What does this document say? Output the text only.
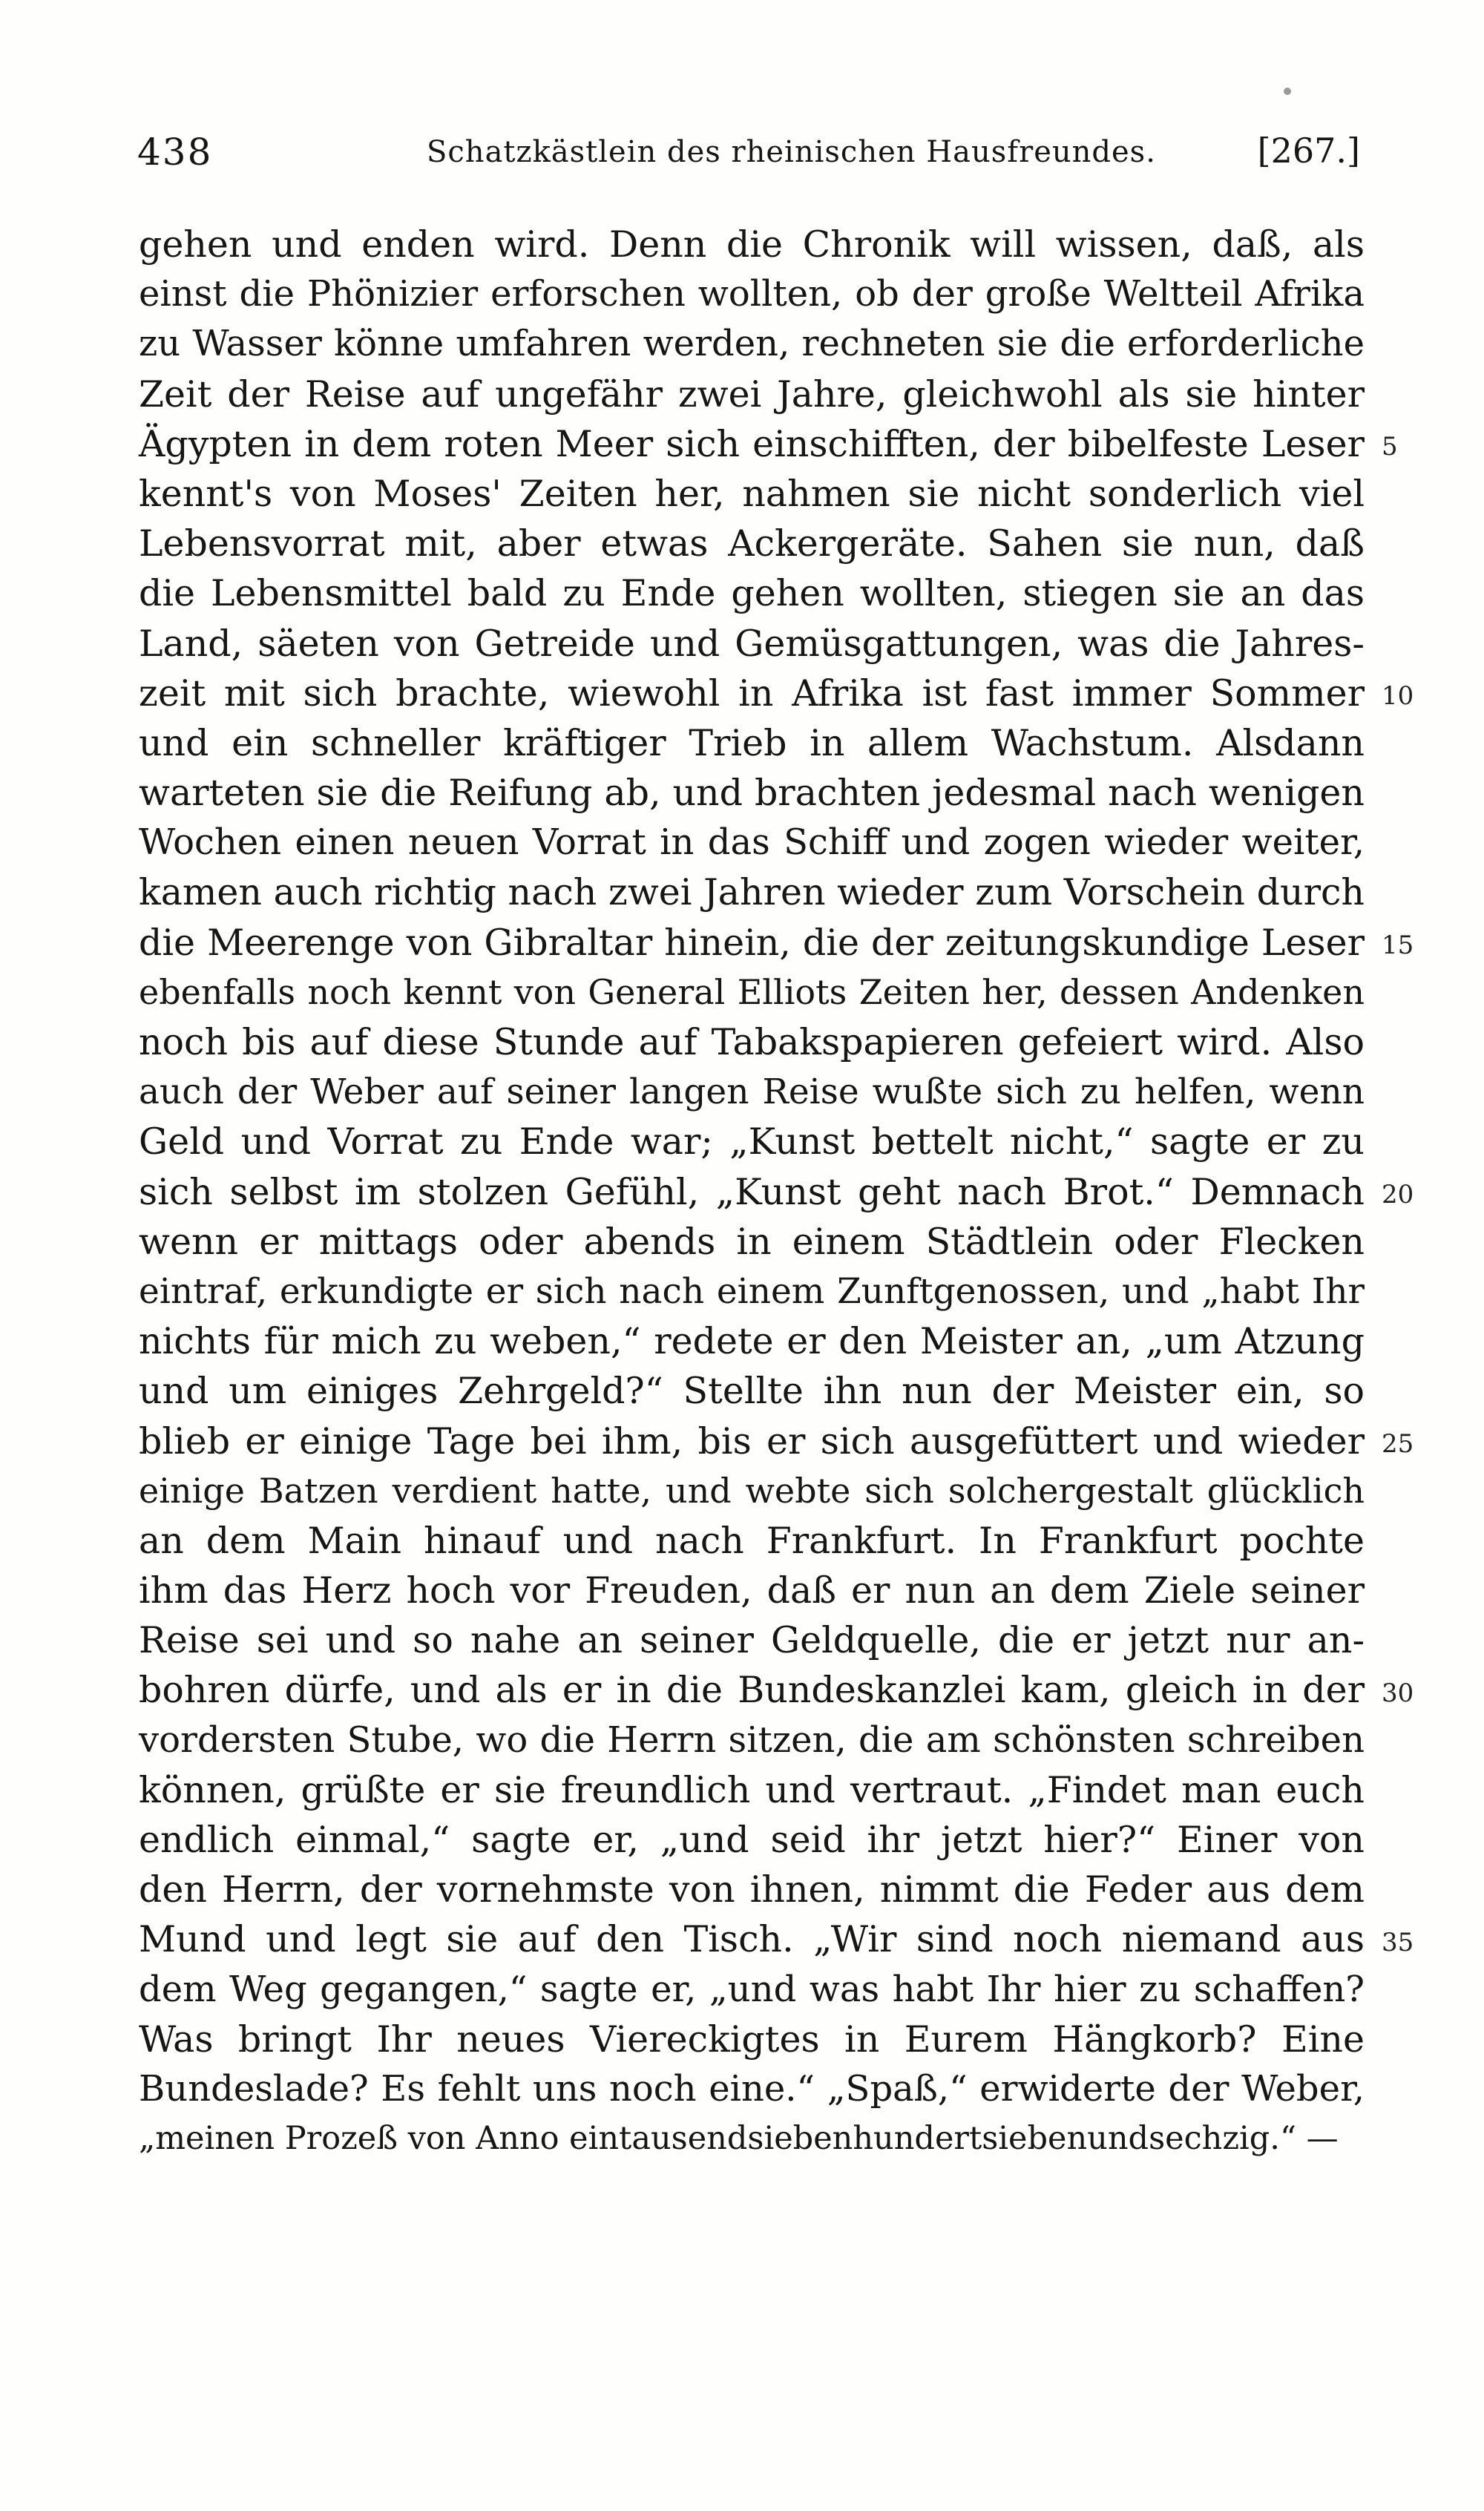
438	Schatzkästlein des rheinischen Hausfreundes.	[267.]
gehen und enden wird. Denn die Chronik will wissen, daß, als
einst die Phönizier erforschen wollten, ob der große Weltteil Afrika
zu Wasser könne umfahren werden, rechneten sie die erforderliche
Zeit der Reise auf ungefähr zwei Jahre, gleichwohl als sie hinter
Ägypten in dem roten Meer sich einschifften, der bibelfeste Leser
kennt's von Moses' Zeiten her, nahmen sie nicht sonderlich viel
Lebensvorrat mit, aber etwas Ackergeräte. Sahen sie nun, daß
die Lebensmittel bald zu Ende gehen wollten, stiegen sie an das
Land, säeten von Getreide und Gemüsgattungen, was die Jahres-
zeit mit sich brachte, wiewohl in Afrika ist fast immer Sommer
und ein schneller kräftiger Trieb in allem Wachstum. Alsdann
warteten sie die Reifung ab, und brachten jedesmal nach wenigen
Wochen einen neuen Vorrat in das Schiff und zogen wieder weiter,
kamen auch richtig nach zwei Jahren wieder zum Vorschein durch
die Meerenge von Gibraltar hinein, die der zeitungskundige Leser
ebenfalls noch kennt von General Elliots Zeiten her, dessen Andenken
noch bis auf diese Stunde auf Tabakspapieren gefeiert wird. Also
auch der Weber auf seiner langen Reise wußte sich zu helfen, wenn
Geld und Vorrat zu Ende war; „Kunst bettelt nicht,“ sagte er zu
sich selbst im stolzen Gefühl, „Kunst geht nach Brot.“ Demnach
wenn er mittags oder abends in einem Städtlein oder Flecken
eintraf, erkundigte er sich nach einem Zunftgenossen, und „habt Ihr
nichts für mich zu weben,“ redete er den Meister an, „um Atzung
und um einiges Zehrgeld?“ Stellte ihn nun der Meister ein, so
blieb er einige Tage bei ihm, bis er sich ausgefüttert und wieder
einige Batzen verdient hatte, und webte sich solchergestalt glücklich
an dem Main hinauf und nach Frankfurt. In Frankfurt pochte
ihm das Herz hoch vor Freuden, daß er nun an dem Ziele seiner
Reise sei und so nahe an seiner Geldquelle, die er jetzt nur an-
bohren dürfe, und als er in die Bundeskanzlei kam, gleich in der
vordersten Stube, wo die Herrn sitzen, die am schönsten schreiben
können, grüßte er sie freundlich und vertraut. „Findet man euch
endlich einmal,“ sagte er, „und seid ihr jetzt hier?“ Einer von
den Herrn, der vornehmste von ihnen, nimmt die Feder aus dem
Mund und legt sie auf den Tisch. „Wir sind noch niemand aus
dem Weg gegangen,“ sagte er, „und was habt Ihr hier zu schaffen?
Was bringt Ihr neues Viereckigtes in Eurem Hängkorb? Eine
Bundeslade? Es fehlt uns noch eine.“ „Spaß,“ erwiderte der Weber,
„meinen Prozeß von Anno eintausendsiebenhundertsiebenundsechzig.“ —
5
10
15
20
25
30
35
